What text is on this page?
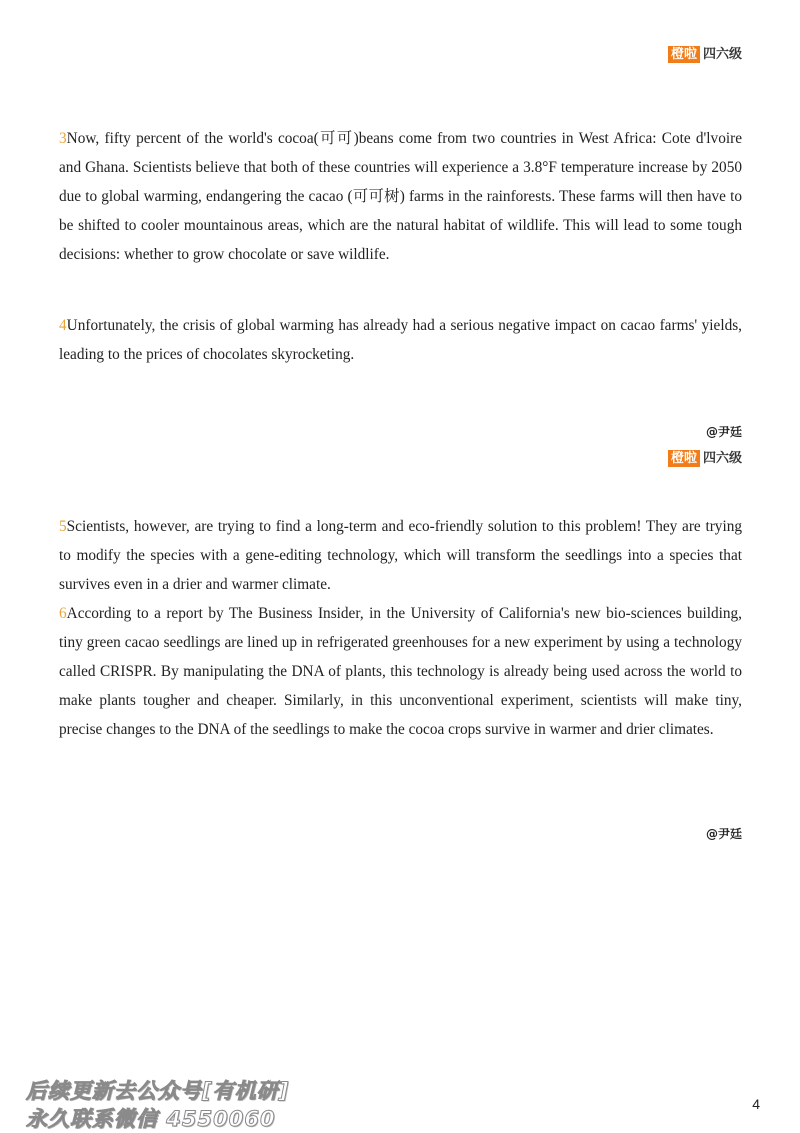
橙啦 四六级

3Now, fifty percent of the world's cocoa(可可)beans come from two countries in West Africa: Cote d'lvoire and Ghana. Scientists believe that both of these countries will experience a 3.8°F temperature increase by 2050 due to global warming, endangering the cacao (可可树) farms in the rainforests. These farms will then have to be shifted to cooler mountainous areas, which are the natural habitat of wildlife. This will lead to some tough decisions: whether to grow chocolate or save wildlife.

4Unfortunately, the crisis of global warming has already had a serious negative impact on cacao farms' yields, leading to the prices of chocolates skyrocketing.

@尹廷
橙啦 四六级

5Scientists, however, are trying to find a long-term and eco-friendly solution to this problem! They are trying to modify the species with a gene-editing technology, which will transform the seedlings into a species that survives even in a drier and warmer climate.

6According to a report by The Business Insider, in the University of California's new bio-sciences building, tiny green cacao seedlings are lined up in refrigerated greenhouses for a new experiment by using a technology called CRISPR. By manipulating the DNA of plants, this technology is already being used across the world to make plants tougher and cheaper. Similarly, in this unconventional experiment, scientists will make tiny, precise changes to the DNA of the seedlings to make the cocoa crops survive in warmer and drier climates.

@尹廷
后续更新去公众号[有机研]
永久联系微信 4550060
4
